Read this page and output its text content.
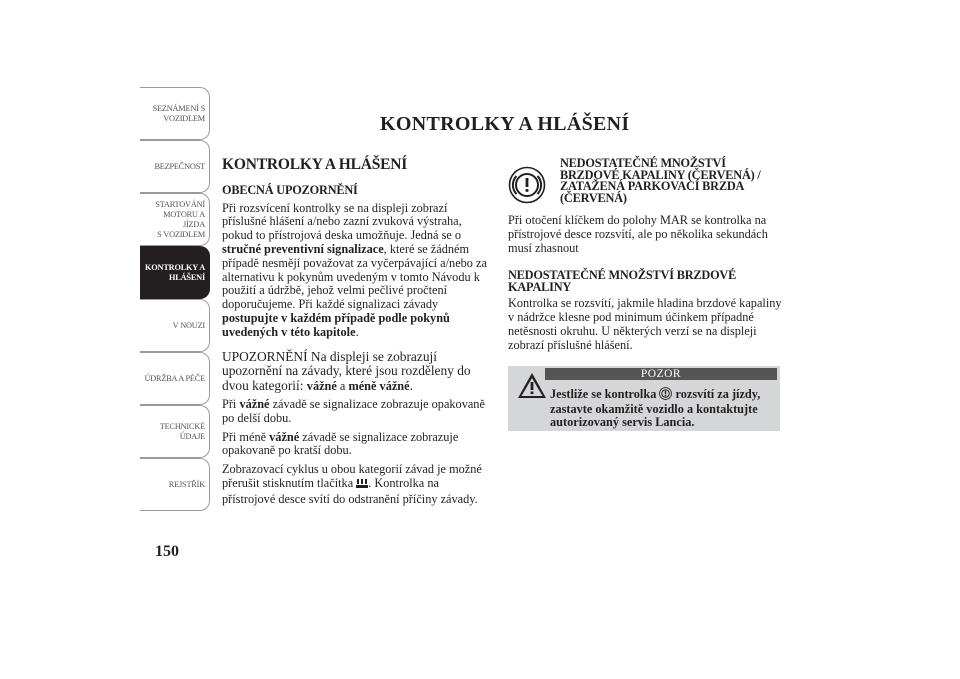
SEZNÁMENÍ S
VOZIDLEM
BEZPEČNOST
STARTOVÁNÍ
MOTORU A JÍZDA
S VOZIDLEM
KONTROLKY A
HLÁŠENÍ
V NOUZI
ÚDRŽBA A PÉČE
TECHNICKÉ
ÚDAJE
REJSTŘÍK
150
KONTROLKY A HLÁŠENÍ
KONTROLKY A HLÁŠENÍ
OBECNÁ UPOZORNĚNÍ

Při rozsvícení kontrolky se na displeji zobrazí příslušné hlášení a/nebo zazní zvuková výstraha, pokud to přístrojová deska umožňuje. Jedná se o stručné preventivní signalizace, které se žádném případě nesmějí považovat za vyčerpávající a/nebo za alternativu k pokynům uvedeným v tomto Návodu k použití a údržbě, jehož velmi pečlivé pročtení doporučujeme. Při každé signalizaci závady postupujte v každém případě podle pokynů uvedených v této kapitole.

UPOZORNĚNÍ Na displeji se zobrazují upozornění na závady, které jsou rozděleny do dvou kategorií: vážné a méně vážné.

Při vážné závadě se signalizace zobrazuje opakovaně po delší dobu.

Při méně vážné závadě se signalizace zobrazuje opakovaně po kratší dobu.

Zobrazovací cyklus u obou kategorií závad je možné přerušit stisknutím tlačítka . Kontrolka na přístrojové desce svítí do odstranění příčiny závady.

NEDOSTATEČNÉ MNOŽSTVÍ BRZDOVÉ KAPALINY (ČERVENÁ) / ZATAŽENÁ PARKOVACÍ BRZDA (ČERVENÁ)

Při otočení klíčkem do polohy MAR se kontrolka na přístrojové desce rozsvítí, ale po několika sekundách musí zhasnout

NEDOSTATEČNÉ MNOŽSTVÍ BRZDOVÉ KAPALINY

Kontrolka se rozsvítí, jakmile hladina brzdové kapaliny v nádržce klesne pod minimum účinkem případné netěsnosti okruhu. U některých verzí se na displeji zobrazí příslušné hlášení.

POZOR
Jestliže se kontrolka  rozsvítí za jízdy, zastavte okamžitě vozidlo a kontaktujte autorizovaný servis Lancia.
